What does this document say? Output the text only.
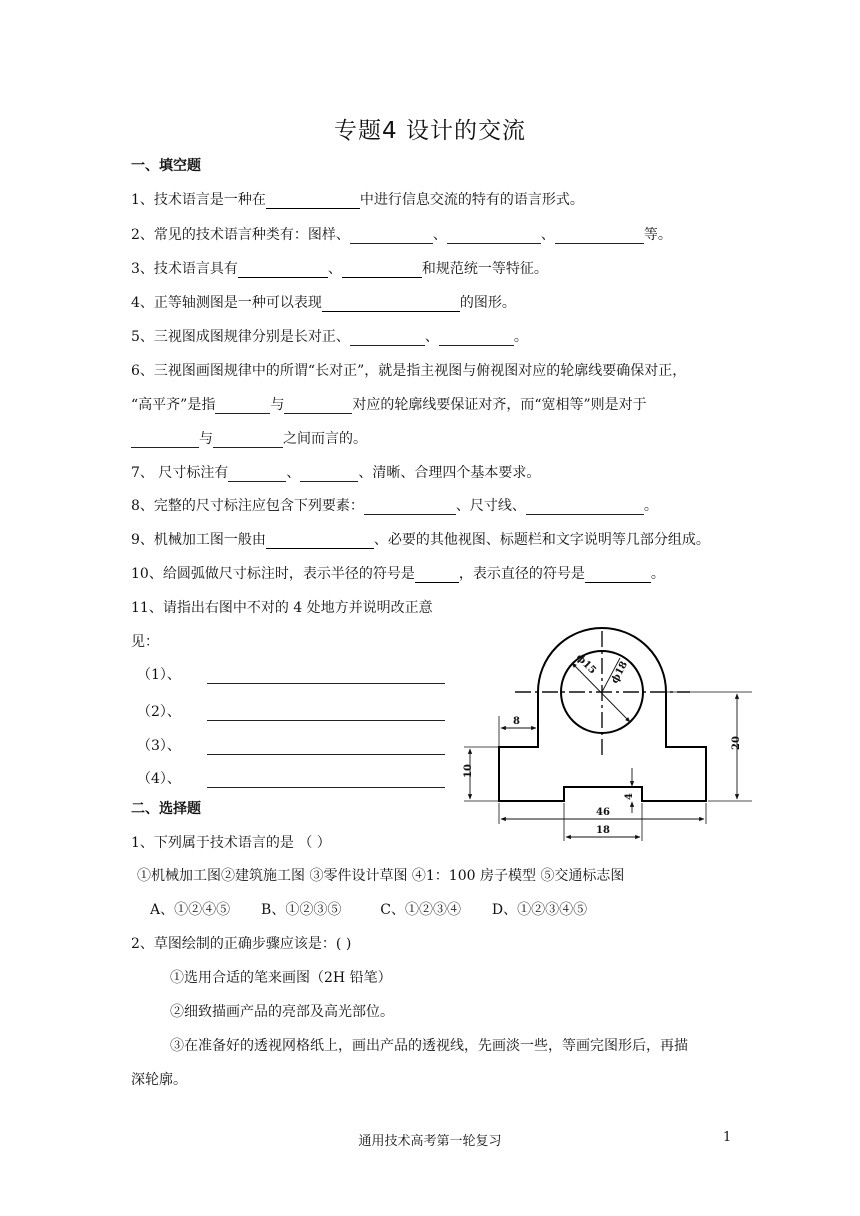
专题4 设计的交流
一、填空题
1、技术语言是一种在	中进行信息交流的特有的语言形式。
2、常见的技术语言种类有：图样、	、	、	等。
3、技术语言具有	、	和规范统一等特征。
4、正等轴测图是一种可以表现	的图形。
5、三视图成图规律分别是长对正、	、	。
6、三视图画图规律中的所谓“长对正”，就是指主视图与俯视图对应的轮廓线要确保对正，
“高平齐”是指	与	对应的轮廓线要保证对齐，而“宽相等”则是对于
与	之间而言的。
7、 尺寸标注有	、	、清晰、合理四个基本要求。
8、完整的尺寸标注应包含下列要素：	、尺寸线、	。
9、机械加工图一般由	、必要的其他视图、标题栏和文字说明等几部分组成。
10、给圆弧做尺寸标注时，表示半径的符号是	，表示直径的符号是	。
11、请指出右图中不对的 4 处地方并说明改正意
见：
（1）、
（2）、
（3）、
（4）、
ϕ15 ϕ18
8
20
10
4
46
18
二、选择题
1、下列属于技术语言的是 （ ）
①机械加工图②建筑施工图 ③零件设计草图 ④1：100 房子模型 ⑤交通标志图
A、①②④⑤ B、①②③⑤	C、①②③④ D、①②③④⑤
2、草图绘制的正确步骤应该是：( )
①选用合适的笔来画图（2H 铅笔）
②细致描画产品的亮部及高光部位。
③在准备好的透视网格纸上，画出产品的透视线，先画淡一些，等画完图形后，再描
深轮廓。
通用技术高考第一轮复习	1
